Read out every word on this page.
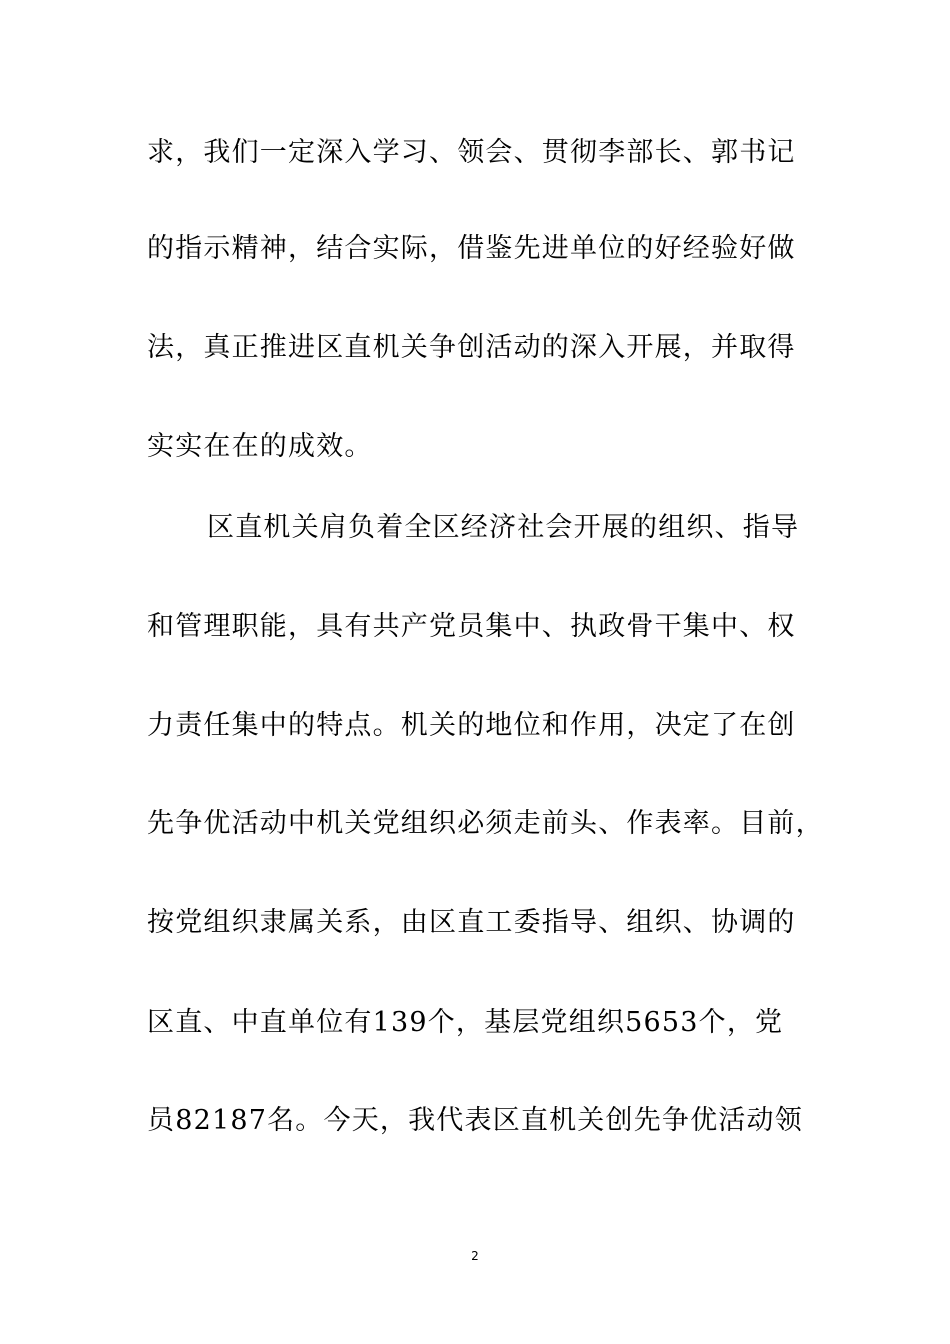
求，我们一定深入学习、领会、贯彻李部长、郭书记
的指示精神，结合实际，借鉴先进单位的好经验好做
法，真正推进区直机关争创活动的深入开展，并取得
实实在在的成效。
区直机关肩负着全区经济社会开展的组织、指导
和管理职能，具有共产党员集中、执政骨干集中、权
力责任集中的特点。机关的地位和作用，决定了在创
先争优活动中机关党组织必须走前头、作表率。目前，
按党组织隶属关系，由区直工委指导、组织、协调的
区直、中直单位有139个，基层党组织5653个，党
员82187名。今天，我代表区直机关创先争优活动领
2
